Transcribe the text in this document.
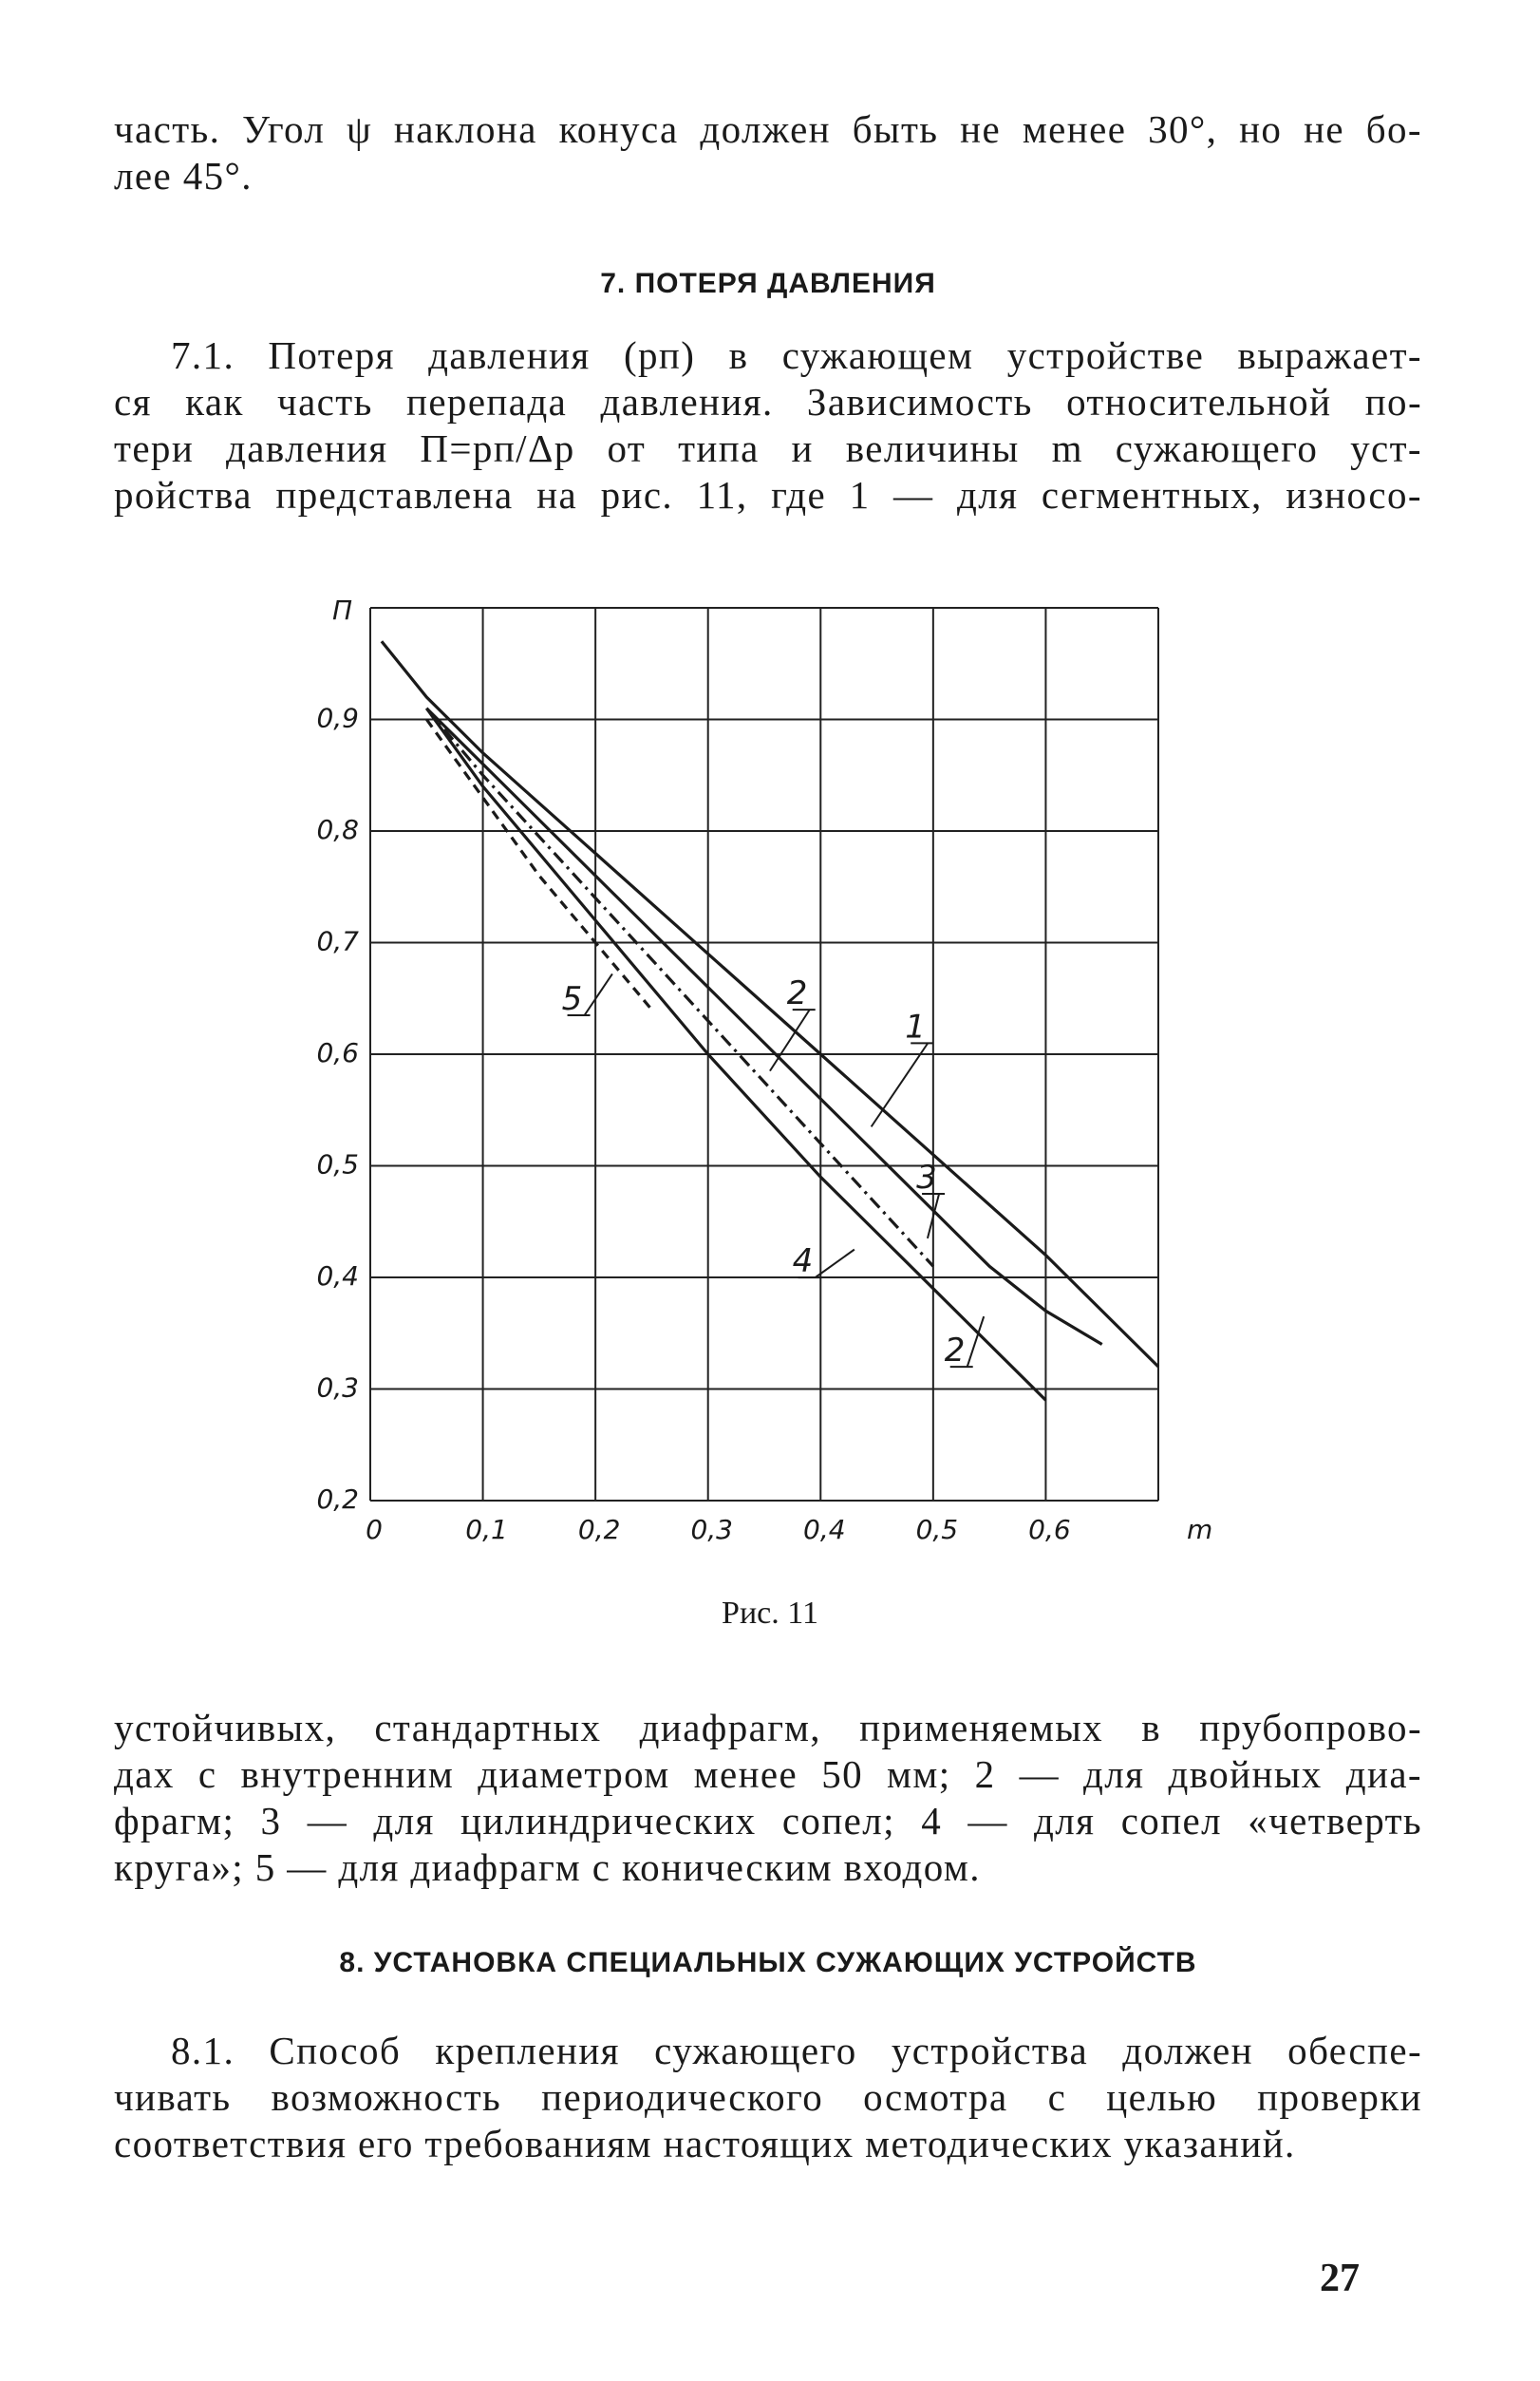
часть. Угол ψ наклона конуса должен быть не менее 30°, но не бо-
лее 45°.
7. ПОТЕРЯ ДАВЛЕНИЯ
7.1. Потеря давления (pп) в сужающем устройстве выражает-
ся как часть перепада давления. Зависимость относительной по-
тери давления П=pп/Δp от типа и величины m сужающего уст-
ройства представлена на рис. 11, где 1 — для сегментных, износо-
0,2
0,3
0,4
0,5
0,6
0,7
0,8
0,9
0	0,1	0,2	0,3	0,4	0,5	0,6
5	2
1
3
4
2
П
m
Рис. 11
устойчивых, стандартных диафрагм, применяемых в прубопрово-
дах с внутренним диаметром менее 50 мм; 2 — для двойных диа-
фрагм; 3 — для цилиндрических сопел; 4 — для сопел «четверть
круга»; 5 — для диафрагм с коническим входом.
8. УСТАНОВКА СПЕЦИАЛЬНЫХ СУЖАЮЩИХ УСТРОЙСТВ
8.1. Способ крепления сужающего устройства должен обеспе-
чивать возможность периодического осмотра с целью проверки
соответствия его требованиям настоящих методических указаний.
27
